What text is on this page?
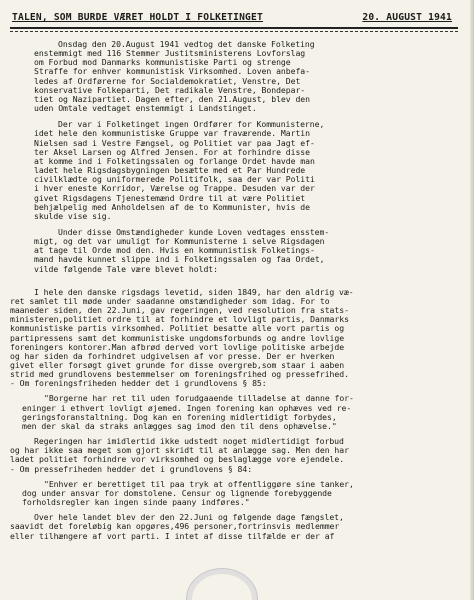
TALEN, SOM BURDE VÆRET HOLDT I FOLKETINGET	20. AUGUST 1941

Onsdag den 20.August 1941 vedtog det danske Folketing

enstemmigt med 116 Stemmer Justitsministerens Lovforslag

om Forbud mod Danmarks kommunistiske Parti og strenge

Straffe for enhver kommunistisk Virksomhed. Loven anbefa-

ledes af Ordførerne for Socialdemokratiet, Venstre, Det

konservative Folkeparti, Det radikale Venstre, Bondepar-

tiet og Nazipartiet. Dagen efter, den 21.August, blev den

uden Omtale vedtaget enstemmigt i Landstinget.

Der var i Folketinget ingen Ordfører for Kommunisterne,

idet hele den kommunistiske Gruppe var fraværende. Martin

Nielsen sad i Vestre Fængsel, og Politiet var paa Jagt ef-

ter Aksel Larsen og Alfred Jensen. For at forhindre disse

at komme ind i Folketingssalen og forlange Ordet havde man

ladet hele Rigsdagsbygningen besætte med et Par Hundrede

civilklædte og uniformerede Politifolk, saa der var Politi

i hver eneste Korridor, Værelse og Trappe. Desuden var der

givet Rigsdagens Tjenestemænd Ordre til at være Politiet

behjælpelig med Anholdelsen af de to Kommunister, hvis de

skulde vise sig.

Under disse Omstændigheder kunde Loven vedtages ensstem-

migt, og det var umuligt for Kommunisterne i selve Rigsdagen

at tage til Orde mod den. Hvis en kommunistisk Folketings-

mand havde kunnet slippe ind i Folketingssalen og faa Ordet,

vilde følgende Tale være blevet holdt:

I hele den danske rigsdags levetid, siden 1849, har den aldrig væ-

ret samlet til møde under saadanne omstændigheder som idag. For to

maaneder siden, den 22.Juni, gav regeringen, ved resolution fra stats-

ministeren,politiet ordre til at forhindre et lovligt partis, Danmarks

kommunistiske partis virksomhed. Politiet besatte alle vort partis og

partipressens samt det kommunistiske ungdomsforbunds og andre lovlige

foreningers kontorer.Man afbrød derved vort lovlige politiske arbejde

og har siden da forhindret udgivelsen af vor presse. Der er hverken

givet eller forsøgt givet grunde for disse overgreb,som staar i aaben

strid med grundlovens bestemmelser om foreningsfrihed og pressefrihed.

- Om foreningsfriheden hedder det i grundlovens § 85:

"Borgerne har ret til uden forudgaaende tilladelse at danne for-

eninger i ethvert lovligt øjemed. Ingen forening kan ophæves ved re-

geringsforanstaltning. Dog kan en forening midlertidigt forbydes,

men der skal da straks anlægges sag imod den til dens ophævelse."

Regeringen har imidlertid ikke udstedt noget midlertidigt forbud

og har ikke saa meget som gjort skridt til at anlægge sag. Men den har

ladet politiet forhindre vor virksomhed og beslaglægge vore ejendele.

- Om pressefriheden hedder det i grundlovens § 84:

"Enhver er berettiget til paa tryk at offentliggøre sine tanker,

dog under ansvar for domstolene. Censur og lignende forebyggende

forholdsregler kan ingen sinde paany indføres."

Over hele landet blev der den 22.Juni og følgende dage fængslet,

saavidt det foreløbig kan opgøres,496 personer,fortrinsvis medlemmer

eller tilhængere af vort parti. I intet af disse tilfælde er der af
